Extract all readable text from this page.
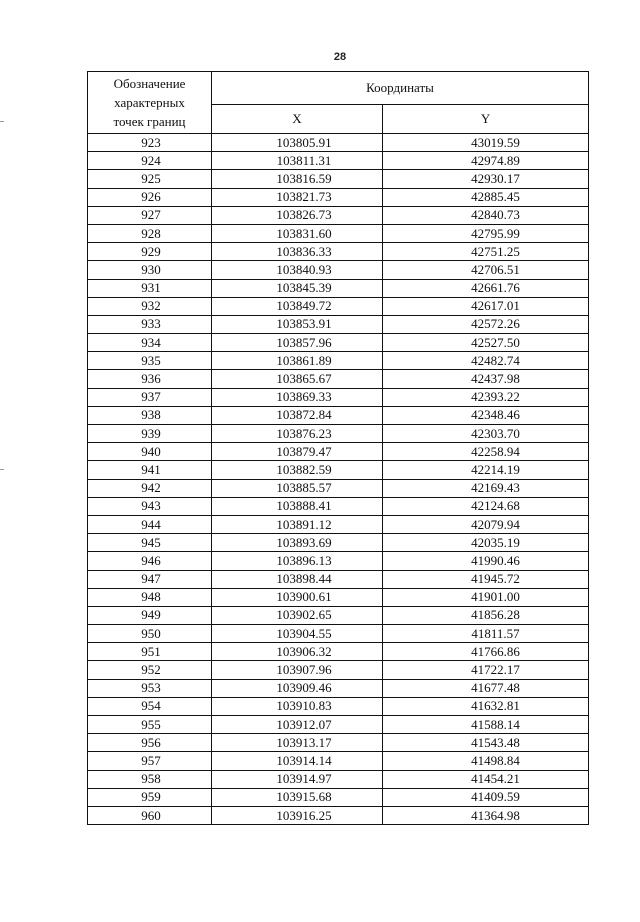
28
Обозначение
характерных
точек границ	Координаты	
	X	Y
923	103805.91	43019.59
924	103811.31	42974.89
925	103816.59	42930.17
926	103821.73	42885.45
927	103826.73	42840.73
928	103831.60	42795.99
929	103836.33	42751.25
930	103840.93	42706.51
931	103845.39	42661.76
932	103849.72	42617.01
933	103853.91	42572.26
934	103857.96	42527.50
935	103861.89	42482.74
936	103865.67	42437.98
937	103869.33	42393.22
938	103872.84	42348.46
939	103876.23	42303.70
940	103879.47	42258.94
941	103882.59	42214.19
942	103885.57	42169.43
943	103888.41	42124.68
944	103891.12	42079.94
945	103893.69	42035.19
946	103896.13	41990.46
947	103898.44	41945.72
948	103900.61	41901.00
949	103902.65	41856.28
950	103904.55	41811.57
951	103906.32	41766.86
952	103907.96	41722.17
953	103909.46	41677.48
954	103910.83	41632.81
955	103912.07	41588.14
956	103913.17	41543.48
957	103914.14	41498.84
958	103914.97	41454.21
959	103915.68	41409.59
960	103916.25	41364.98
